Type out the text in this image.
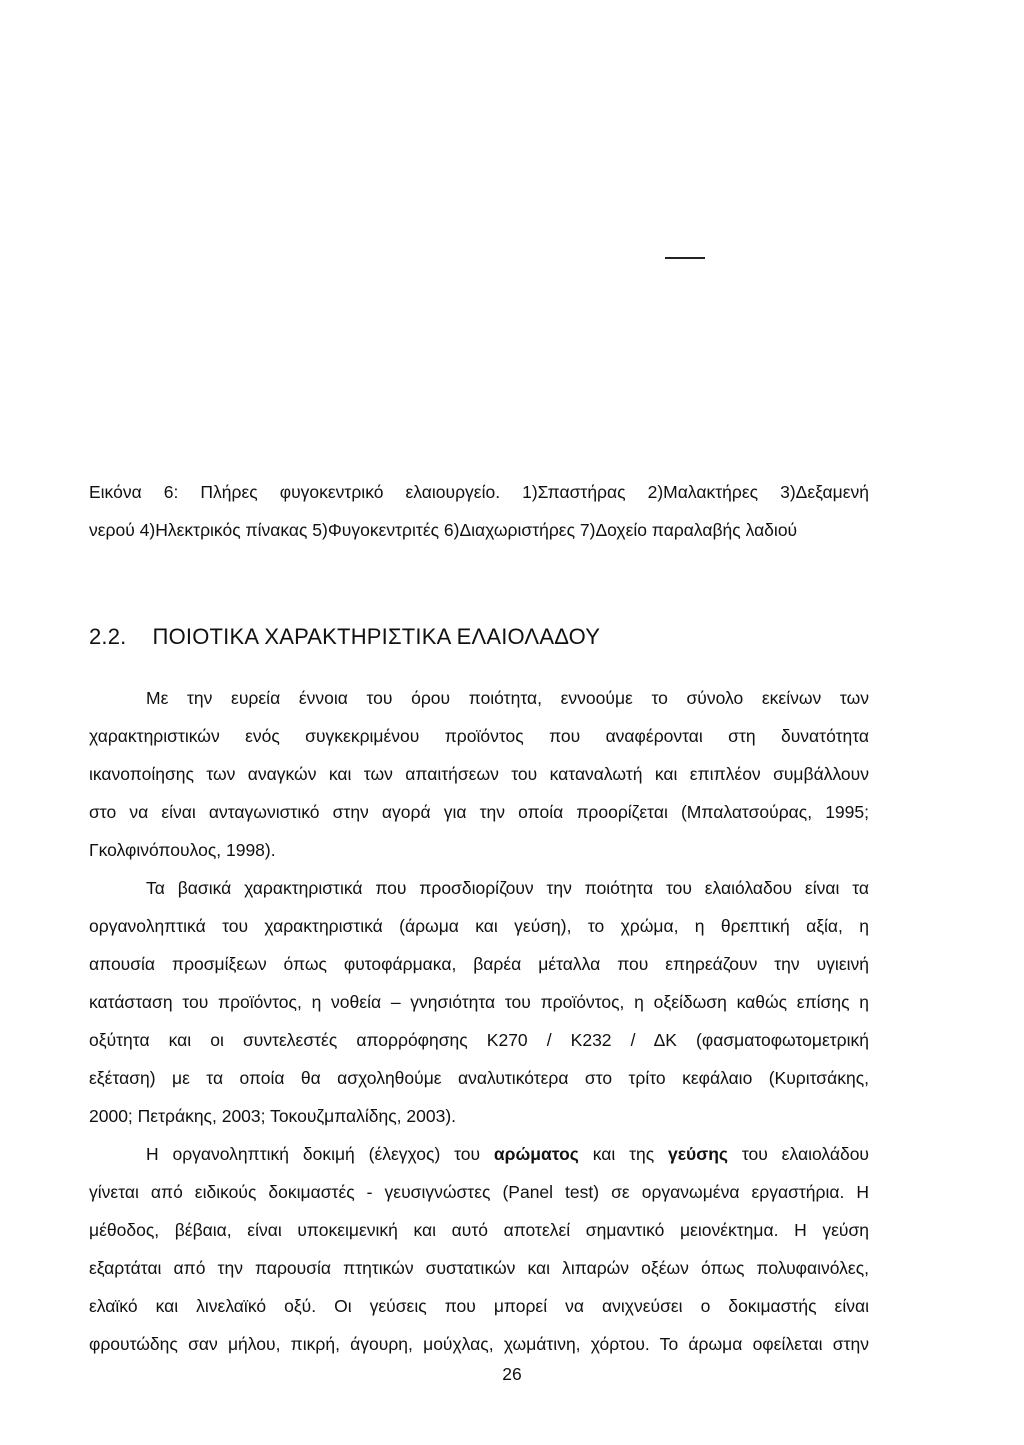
Εικόνα 6: Πλήρες φυγοκεντρικό ελαιουργείο. 1)Σπαστήρας 2)Μαλακτήρες 3)Δεξαμενή
νερού 4)Ηλεκτρικός πίνακας 5)Φυγοκεντριτές 6)Διαχωριστήρες 7)Δοχείο παραλαβής λαδιού
2.2. ΠΟΙΟΤΙΚΑ ΧΑΡΑΚΤΗΡΙΣΤΙΚΑ ΕΛΑΙΟΛΑΔΟΥ
Με την ευρεία έννοια του όρου ποιότητα, εννοούμε το σύνολο εκείνων των
χαρακτηριστικών ενός συγκεκριμένου προϊόντος που αναφέρονται στη δυνατότητα
ικανοποίησης των αναγκών και των απαιτήσεων του καταναλωτή και επιπλέον συμβάλλουν
στο να είναι ανταγωνιστικό στην αγορά για την οποία προορίζεται (Μπαλατσούρας, 1995;
Γκολφινόπουλος, 1998).
Τα βασικά χαρακτηριστικά που προσδιορίζουν την ποιότητα του ελαιόλαδου είναι τα
οργανοληπτικά του χαρακτηριστικά (άρωμα και γεύση), το χρώμα, η θρεπτική αξία, η
απουσία προσμίξεων όπως φυτοφάρμακα, βαρέα μέταλλα που επηρεάζουν την υγιεινή
κατάσταση του προϊόντος, η νοθεία – γνησιότητα του προϊόντος, η οξείδωση καθώς επίσης η
οξύτητα και οι συντελεστές απορρόφησης Κ270 / Κ232 / ΔΚ (φασματοφωτομετρική
εξέταση) με τα οποία θα ασχοληθούμε αναλυτικότερα στο τρίτο κεφάλαιο (Κυριτσάκης,
2000; Πετράκης, 2003; Τοκουζμπαλίδης, 2003).
Η οργανοληπτική δοκιμή (έλεγχος) του αρώματος και της γεύσης του ελαιολάδου
γίνεται από ειδικούς δοκιμαστές - γευσιγνώστες (Panel test) σε οργανωμένα εργαστήρια. Η
μέθοδος, βέβαια, είναι υποκειμενική και αυτό αποτελεί σημαντικό μειονέκτημα. Η γεύση
εξαρτάται από την παρουσία πτητικών συστατικών και λιπαρών οξέων όπως πολυφαινόλες,
ελαϊκό και λινελαϊκό οξύ. Οι γεύσεις που μπορεί να ανιχνεύσει ο δοκιμαστής είναι
φρουτώδης σαν μήλου, πικρή, άγουρη, μούχλας, χωμάτινη, χόρτου. Το άρωμα οφείλεται στην
26
